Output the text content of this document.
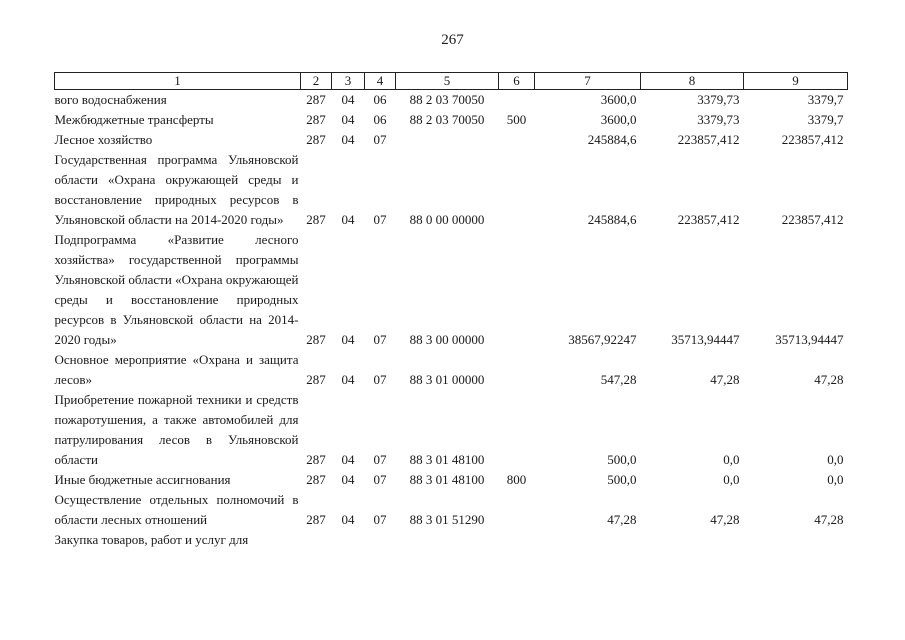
267
1	2	3	4	5	6	7	8	9
вого водоснабжения	287	04	06	88 2 03 70050		3600,0	3379,73	3379,7
Межбюджетные трансферты	287	04	06	88 2 03 70050	500	3600,0	3379,73	3379,7
Лесное хозяйство	287	04	07			245884,6	223857,412	223857,412
Государственная программа Ульяновской области «Охрана окружающей среды и восстановление природных ресурсов в Ульяновской области на 2014-2020 годы»	287	04	07	88 0 00 00000		245884,6	223857,412	223857,412
Подпрограмма «Развитие лесного хозяйства» государственной программы Ульяновской области «Охрана окружающей среды и восстановление природных ресурсов в Ульяновской области на 2014-2020 годы»	287	04	07	88 3 00 00000		38567,92247	35713,94447	35713,94447
Основное мероприятие «Охрана и защита лесов»	287	04	07	88 3 01 00000		547,28	47,28	47,28
Приобретение пожарной техники и средств пожаротушения, а также автомобилей для патрулирования лесов в Ульяновской области	287	04	07	88 3 01 48100		500,0	0,0	0,0
Иные бюджетные ассигнования	287	04	07	88 3 01 48100	800	500,0	0,0	0,0
Осуществление отдельных полномочий в области лесных отношений	287	04	07	88 3 01 51290		47,28	47,28	47,28
Закупка товаров, работ и услуг для								
